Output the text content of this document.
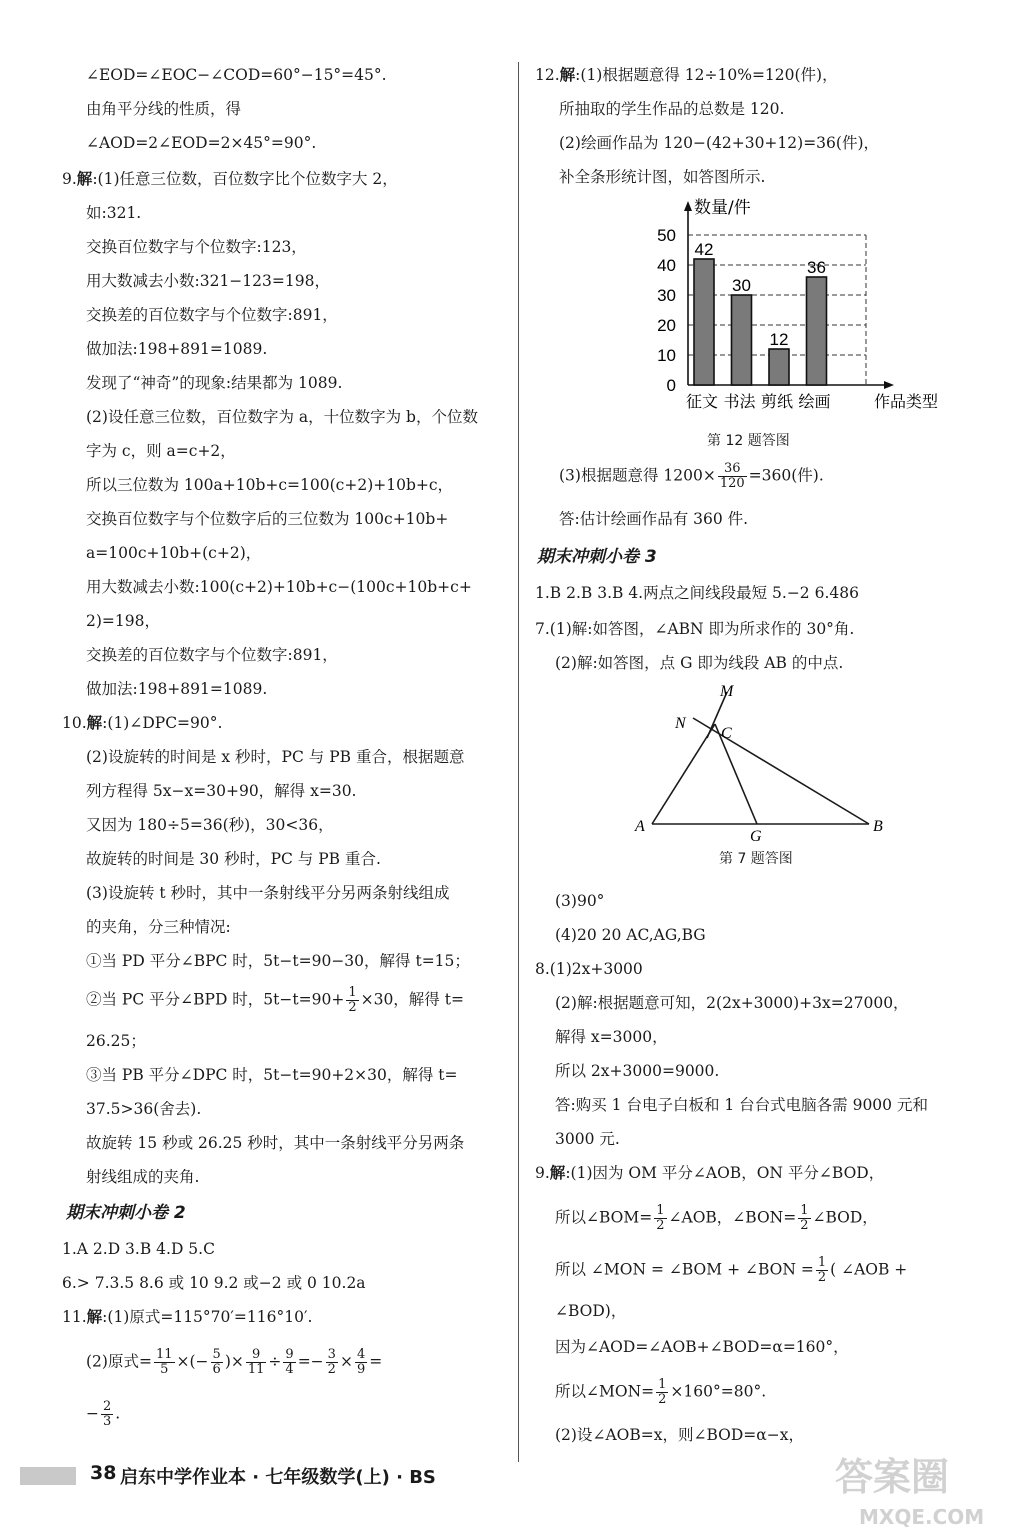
∠EOD=∠EOC−∠COD=60°−15°=45°.
由角平分线的性质，得
∠AOD=2∠EOD=2×45°=90°.
9.解:(1)任意三位数，百位数字比个位数字大 2，
如:321.
交换百位数字与个位数字:123，
用大数减去小数:321−123=198，
交换差的百位数字与个位数字:891，
做加法:198+891=1089.
发现了“神奇”的现象:结果都为 1089.
(2)设任意三位数，百位数字为 a，十位数字为 b，个位数
字为 c，则 a=c+2，
所以三位数为 100a+10b+c=100(c+2)+10b+c，
交换百位数字与个位数字后的三位数为 100c+10b+
a=100c+10b+(c+2)，
用大数减去小数:100(c+2)+10b+c−(100c+10b+c+
2)=198，
交换差的百位数字与个位数字:891，
做加法:198+891=1089.
10.解:(1)∠DPC=90°.
(2)设旋转的时间是 x 秒时，PC 与 PB 重合，根据题意
列方程得 5x−x=30+90，解得 x=30.
又因为 180÷5=36(秒)，30<36，
故旋转的时间是 30 秒时，PC 与 PB 重合.
(3)设旋转 t 秒时，其中一条射线平分另两条射线组成
的夹角，分三种情况:
①当 PD 平分∠BPC 时，5t−t=90−30，解得 t=15；
②当 PC 平分∠BPD 时，$5t-t=90+ \frac{1}{2} \times 30$，解得 t=
26.25；
③当 PB 平分∠DPC 时，5t−t=90+2×30，解得 t=
37.5>36(舍去).
故旋转 15 秒或 26.25 秒时，其中一条射线平分另两条
射线组成的夹角.
期末冲刺小卷 2
1.A 2.D 3.B 4.D 5.C
6.> 7.3.5 8.6 或 10 9.2 或−2 或 0 10.2a
11.解:(1)原式=115°70′=116°10′.
(2)原式= $\frac{11}{5}$ ×(− $\frac{5}{6}$ )× $\frac{9}{11} \div \frac{9}{4} =- \frac{3}{2} \times \frac{4}{9}$ =
− $\frac{2}{3}$ .
12.解:(1)根据题意得 12÷10%=120(件)，
所抽取的学生作品的总数是 120.
(2)绘画作品为 120−(42+30+12)=36(件)，
补全条形统计图，如答图所示.
0
10
20
30
40
50
42
征文
30
书法
12
剪纸
36
绘画
数量/件
作品类型
第 12 题答图
(3)根据题意得 $1200\times \frac{36}{120} =360$(件).
答:估计绘画作品有 360 件.
期末冲刺小卷 3
1.B 2.B 3.B 4.两点之间线段最短 5.−2 6.486
7.(1)解:如答图，∠ABN 即为所求作的 30°角.
(2)解:如答图，点 G 即为线段 AB 的中点.
M
N
C
A
G
B
第 7 题答图
(3)90°
(4)20 20 AC,AG,BG
8.(1)2x+3000
(2)解:根据题意可知，2(2x+3000)+3x=27000，
解得 x=3000，
所以 2x+3000=9000.
答:购买 1 台电子白板和 1 台台式电脑各需 9000 元和
3000 元.
9.解:(1)因为 OM 平分∠AOB，ON 平分∠BOD，
所以∠BOM= $\frac{1}{2}$ ∠AOB，∠BON= $\frac{1}{2}$ ∠BOD，
所以 ∠MON = ∠BOM + ∠BON = $\frac{1}{2}$ ( ∠AOB +
∠BOD)，
因为∠AOD=∠AOB+∠BOD=α=160°，
所以∠MON= $\frac{1}{2} \times 160^\circ=80^\circ$.
(2)设∠AOB=x，则∠BOD=α−x，
38 启东中学作业本 · 七年级数学(上) · BS	答案圈
MXQE.COM
